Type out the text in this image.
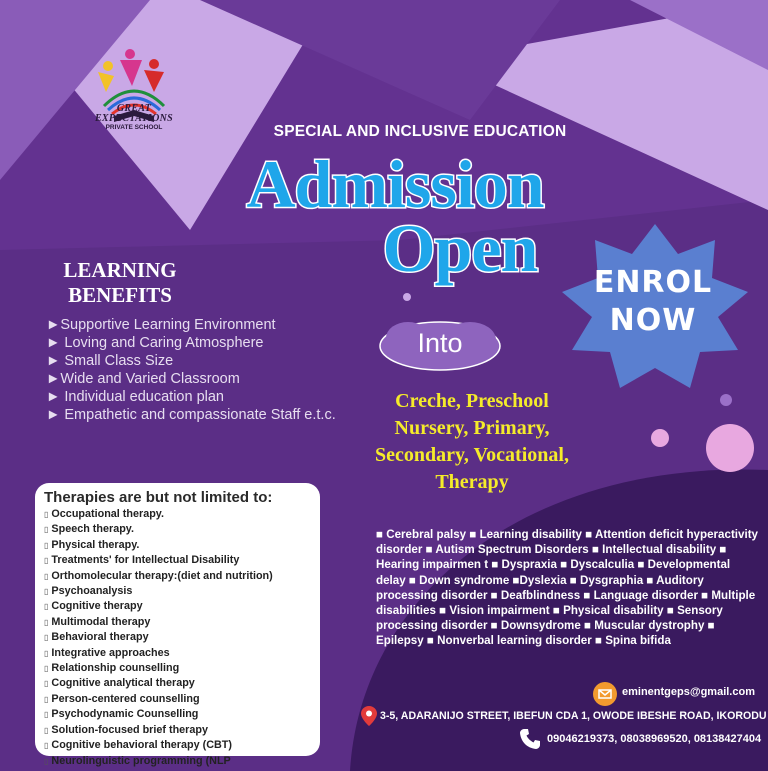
GREAT EXPECTATIONS
PRIVATE SCHOOL	SPECIAL AND INCLUSIVE EDUCATION
Admission
Open
Into
ENROL
NOW
Creche, Preschool
Nursery, Primary,
Secondary, Vocational,
Therapy
LEARNING
BENEFITS
►Supportive Learning Environment
► Loving and Caring Atmosphere
► Small Class Size
►Wide and Varied Classroom
► Individual education plan
► Empathetic and compassionate Staff e.t.c.
Therapies are but not limited to:
▯ Occupational therapy.
▯ Speech therapy.
▯ Physical therapy.
▯ Treatments' for Intellectual Disability
▯ Orthomolecular therapy:(diet and nutrition)
▯ Psychoanalysis
▯ Cognitive therapy
▯ Multimodal therapy
▯ Behavioral therapy
▯ Integrative approaches
▯ Relationship counselling
▯ Cognitive analytical therapy
▯ Person-centered counselling
▯ Psychodynamic Counselling
▯ Solution-focused brief therapy
▯ Cognitive behavioral therapy (CBT)
▯ Neurolinguistic programming (NLP
■ Cerebral palsy ■ Learning disability ■ Attention deficit hyperactivity disorder ■ Autism Spectrum Disorders ■ Intellectual disability ■ Hearing impairmen t ■ Dyspraxia ■ Dyscalculia ■ Developmental delay ■ Down syndrome ■Dyslexia ■ Dysgraphia ■ Auditory processing disorder ■ Deafblindness ■ Language disorder ■ Multiple disabilities ■ Vision impairment ■ Physical disability ■ Sensory processing disorder ■ Downsydrome ■ Muscular dystrophy ■ Epilepsy ■ Nonverbal learning disorder ■ Spina bifida
eminentgeps@gmail.com
3-5, ADARANIJO STREET, IBEFUN CDA 1, OWODE IBESHE ROAD, IKORODU
09046219373, 08038969520, 08138427404
